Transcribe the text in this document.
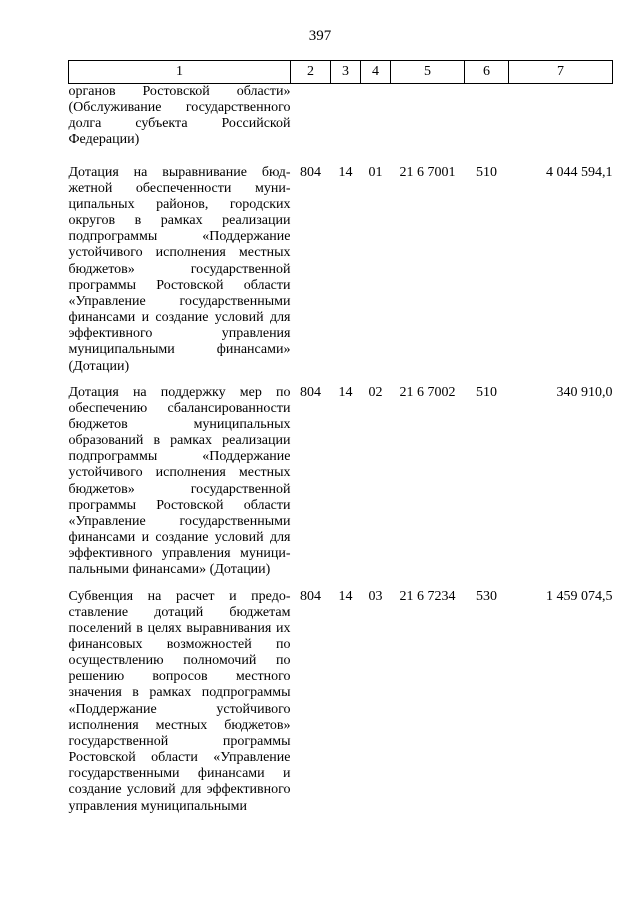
397
1	2	3	4	5	6	7
органов Ростовской области» (Обслуживание государственного долга субъекта Российской Федерации)						
Дотация на выравнивание бюджетной обеспеченности муниципальных районов, городских округов в рамках реализации подпрограммы «Поддержание устойчивого исполнения местных бюджетов» государственной программы Ростовской области «Управление государственными финансами и создание условий для эффективного управления муниципальными финансами» (Дотации)	804	14	01	21 6 7001	510	4 044 594,1
Дотация на поддержку мер по обеспечению сбалансированности бюджетов муниципальных образований в рамках реализации подпрограммы «Поддержание устойчивого исполнения местных бюджетов» государственной программы Ростовской области «Управление государственными финансами и создание условий для эффективного управления муниципальными финансами» (Дотации)	804	14	02	21 6 7002	510	340 910,0
Субвенция на расчет и предоставление дотаций бюджетам поселений в целях выравнивания их финансовых возможностей по осуществлению полномочий по решению вопросов местного значения в рамках подпрограммы «Поддержание устойчивого исполнения местных бюджетов» государственной программы Ростовской области «Управление государственными финансами и создание условий для эффективного управления муниципальными	804	14	03	21 6 7234	530	1 459 074,5
